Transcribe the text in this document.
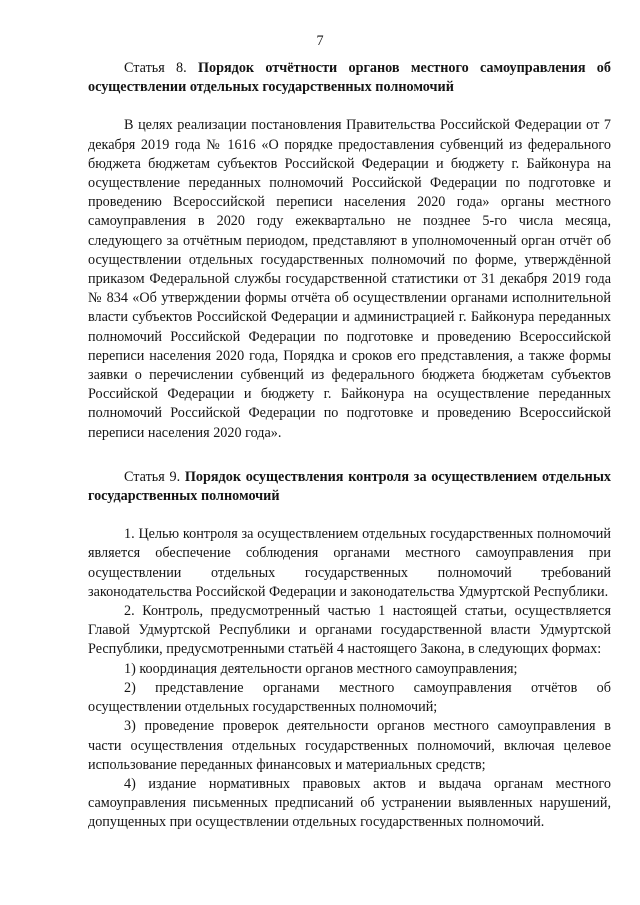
7

Статья 8. Порядок отчётности органов местного самоуправления об осуществлении отдельных государственных полномочий

В целях реализации постановления Правительства Российской Федерации от 7 декабря 2019 года № 1616 «О порядке предоставления субвенций из федерального бюджета бюджетам субъектов Российской Федерации и бюджету г. Байконура на осуществление переданных полномочий Российской Федерации по подготовке и проведению Всероссийской переписи населения 2020 года» органы местного самоуправления в 2020 году ежеквартально не позднее 5-го числа месяца, следующего за отчётным периодом, представляют в уполномоченный орган отчёт об осуществлении отдельных государственных полномочий по форме, утверждённой приказом Федеральной службы государственной статистики от 31 декабря 2019 года № 834 «Об утверждении формы отчёта об осуществлении органами исполнительной власти субъектов Российской Федерации и администрацией г. Байконура переданных полномочий Российской Федерации по подготовке и проведению Всероссийской переписи населения 2020 года, Порядка и сроков его представления, а также формы заявки о перечислении субвенций из федерального бюджета бюджетам субъектов Российской Федерации и бюджету г. Байконура на осуществление переданных полномочий Российской Федерации по подготовке и проведению Всероссийской переписи населения 2020 года».

Статья 9. Порядок осуществления контроля за осуществлением отдельных государственных полномочий

1. Целью контроля за осуществлением отдельных государственных полномочий является обеспечение соблюдения органами местного самоуправления при осуществлении отдельных государственных полномочий требований законодательства Российской Федерации и законодательства Удмуртской Республики.

2. Контроль, предусмотренный частью 1 настоящей статьи, осуществляется Главой Удмуртской Республики и органами государственной власти Удмуртской Республики, предусмотренными статьёй 4 настоящего Закона, в следующих формах:

1) координация деятельности органов местного самоуправления;

2) представление органами местного самоуправления отчётов об осуществлении отдельных государственных полномочий;

3) проведение проверок деятельности органов местного самоуправления в части осуществления отдельных государственных полномочий, включая целевое использование переданных финансовых и материальных средств;

4) издание нормативных правовых актов и выдача органам местного самоуправления письменных предписаний об устранении выявленных нарушений, допущенных при осуществлении отдельных государственных полномочий.
